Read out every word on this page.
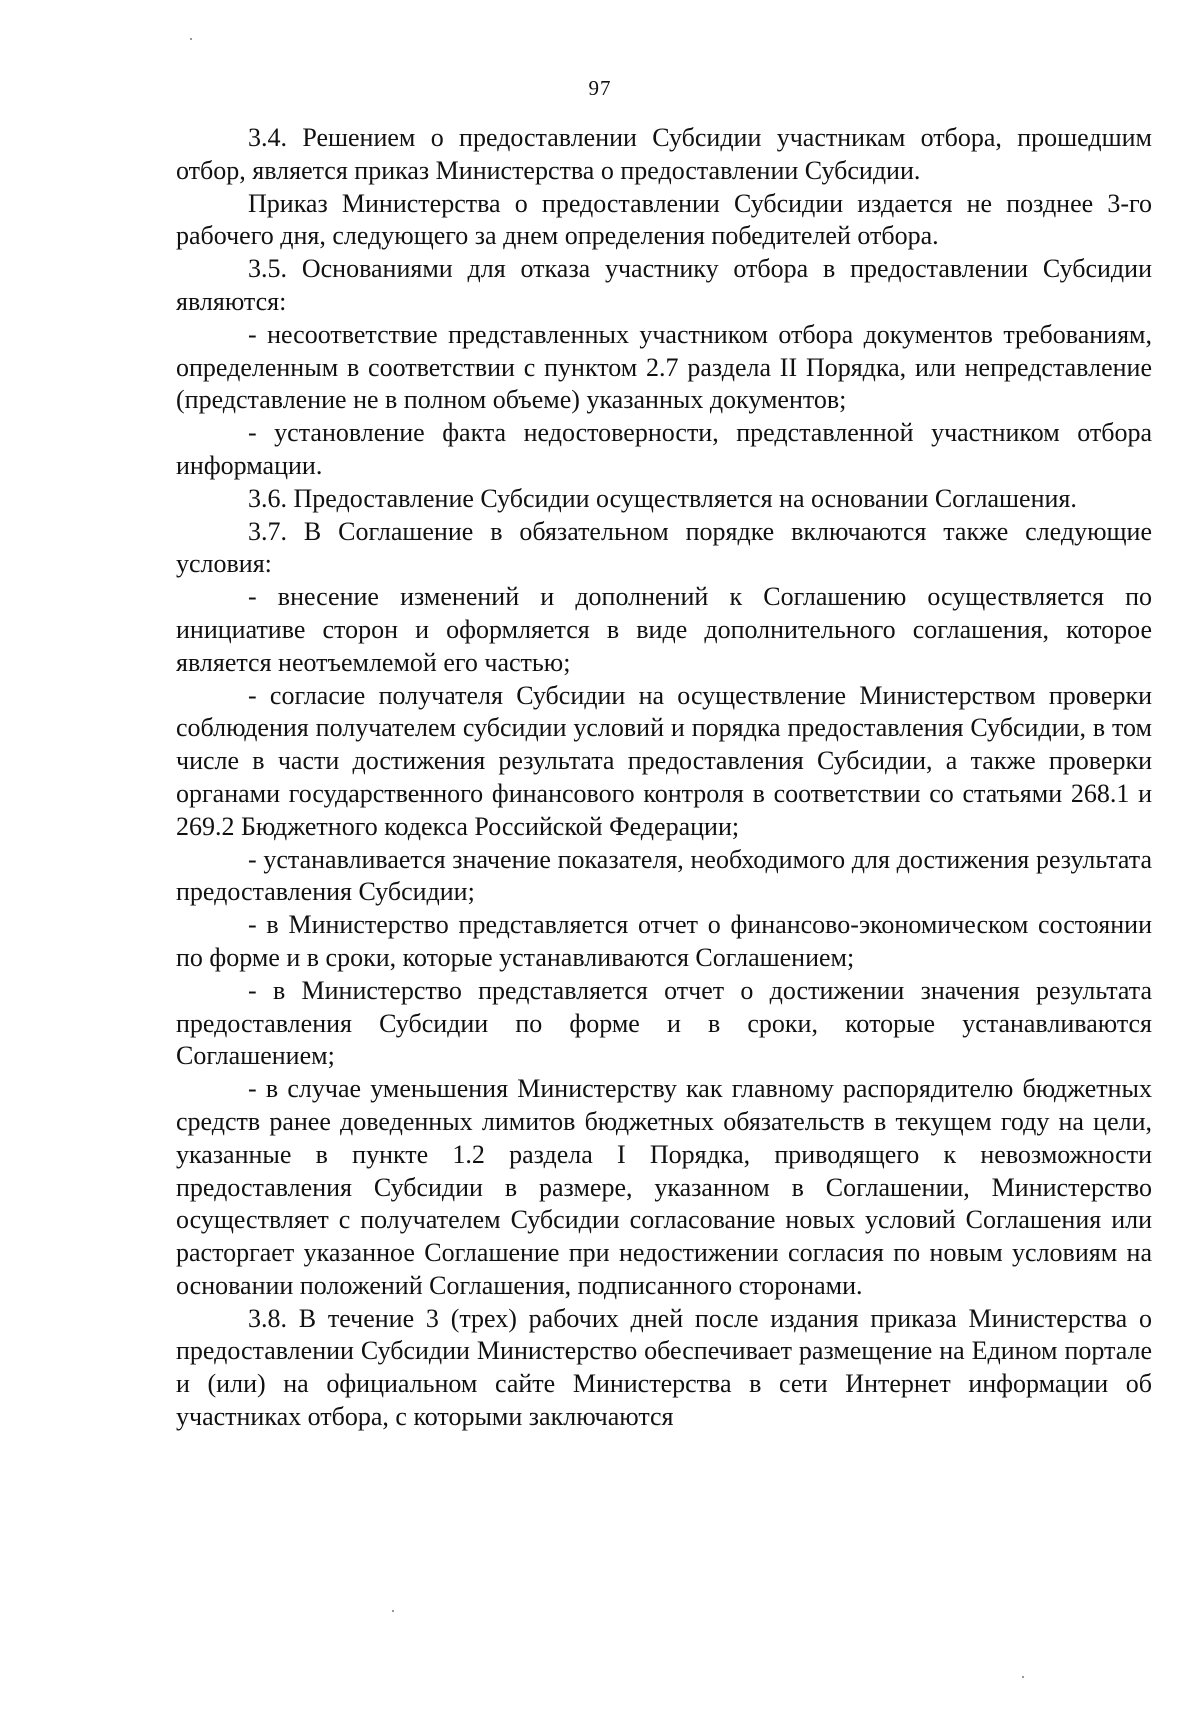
97

3.4. Решением о предоставлении Субсидии участникам отбора, прошедшим отбор, является приказ Министерства о предоставлении Субсидии.

Приказ Министерства о предоставлении Субсидии издается не позднее 3-го рабочего дня, следующего за днем определения победителей отбора.

3.5. Основаниями для отказа участнику отбора в предоставлении Субсидии являются:

- несоответствие представленных участником отбора документов требованиям, определенным в соответствии с пунктом 2.7 раздела II Порядка, или непредставление (представление не в полном объеме) указанных документов;

- установление факта недостоверности, представленной участником отбора информации.

3.6. Предоставление Субсидии осуществляется на основании Соглашения.

3.7. В Соглашение в обязательном порядке включаются также следующие условия:

- внесение изменений и дополнений к Соглашению осуществляется по инициативе сторон и оформляется в виде дополнительного соглашения, которое является неотъемлемой его частью;

- согласие получателя Субсидии на осуществление Министерством проверки соблюдения получателем субсидии условий и порядка предоставления Субсидии, в том числе в части достижения результата предоставления Субсидии, а также проверки органами государственного финансового контроля в соответствии со статьями 268.1 и 269.2 Бюджетного кодекса Российской Федерации;

- устанавливается значение показателя, необходимого для достижения результата предоставления Субсидии;

- в Министерство представляется отчет о финансово-экономическом состоянии по форме и в сроки, которые устанавливаются Соглашением;

- в Министерство представляется отчет о достижении значения результата предоставления Субсидии по форме и в сроки, которые устанавливаются Соглашением;

- в случае уменьшения Министерству как главному распорядителю бюджетных средств ранее доведенных лимитов бюджетных обязательств в текущем году на цели, указанные в пункте 1.2 раздела I Порядка, приводящего к невозможности предоставления Субсидии в размере, указанном в Соглашении, Министерство осуществляет с получателем Субсидии согласование новых условий Соглашения или расторгает указанное Соглашение при недостижении согласия по новым условиям на основании положений Соглашения, подписанного сторонами.

3.8. В течение 3 (трех) рабочих дней после издания приказа Министерства о предоставлении Субсидии Министерство обеспечивает размещение на Едином портале и (или) на официальном сайте Министерства в сети Интернет информации об участниках отбора, с которыми заключаются
